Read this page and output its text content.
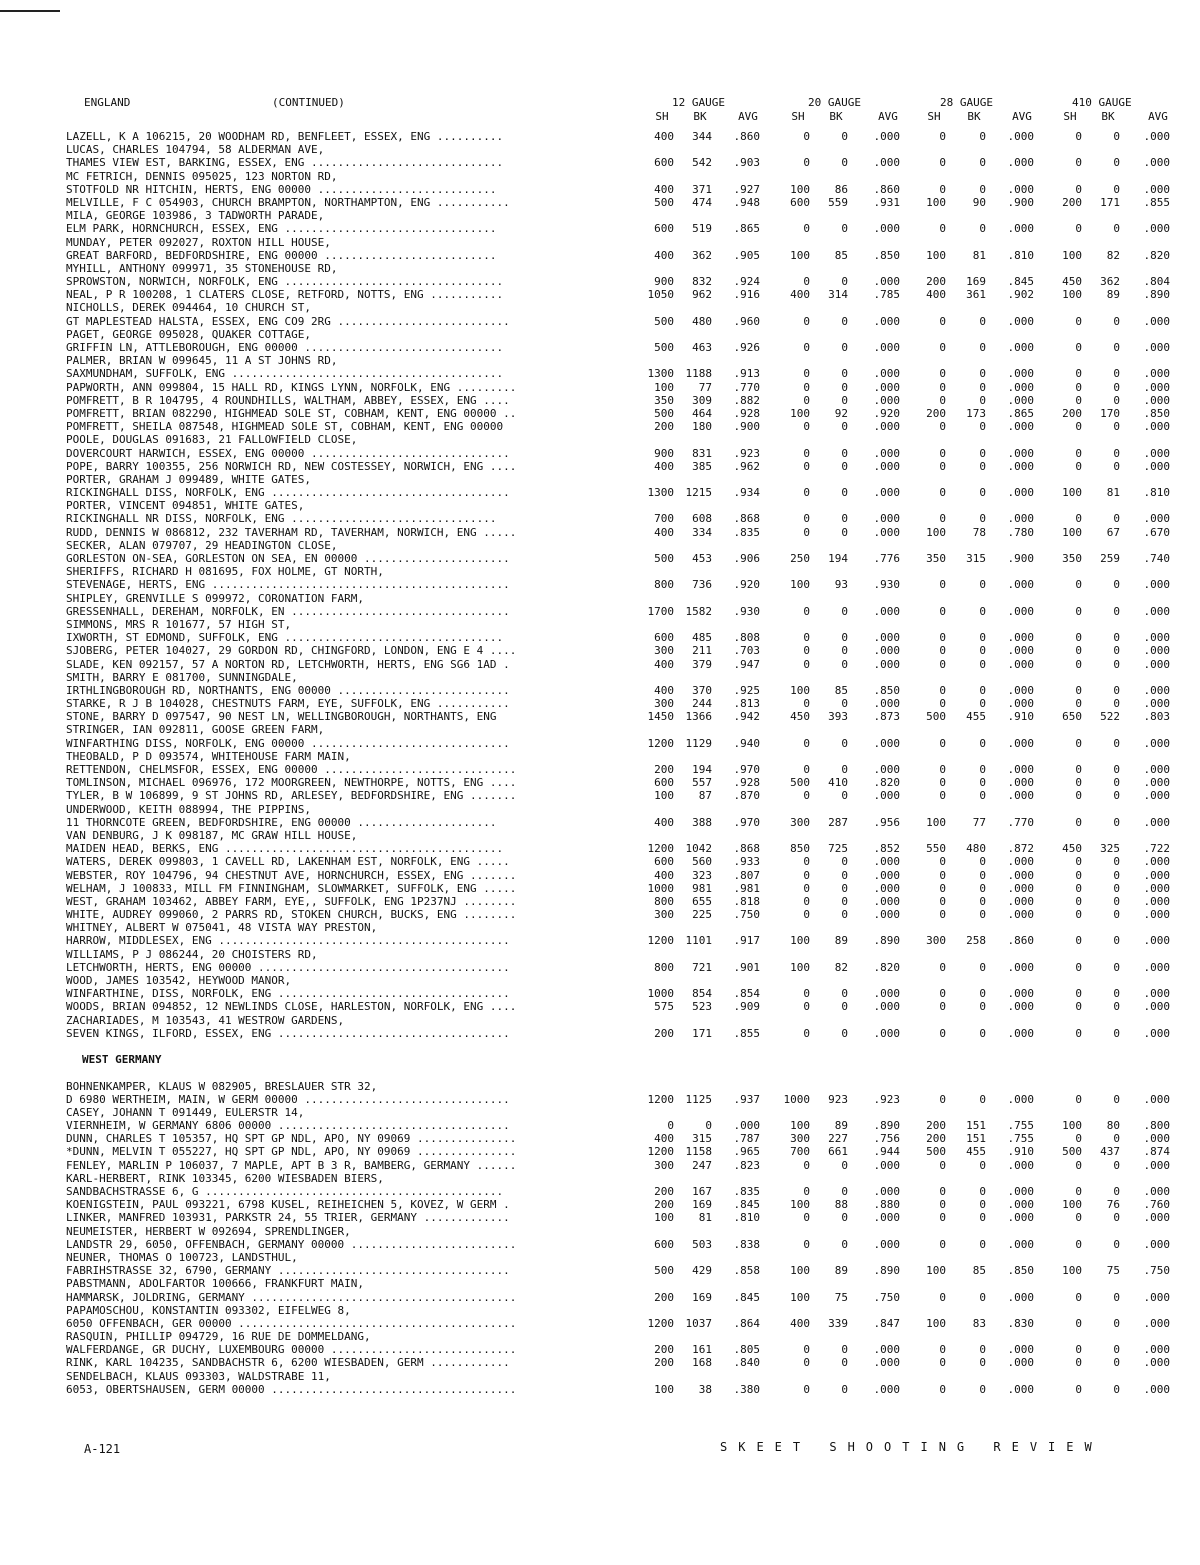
ENGLAND	(CONTINUED)	12 GAUGE	20 GAUGE	28 GAUGE	410 GAUGE
SH	BK	AVG	SH	BK	AVG	SH	BK	AVG	SH	BK	AVG
LAZELL, K A 106215, 20 WOODHAM RD, BENFLEET, ESSEX, ENG ..........	400	344	.860	0	0	.000	0	0	.000	0	0	.000
LUCAS, CHARLES 104794, 58 ALDERMAN AVE,
THAMES VIEW EST, BARKING, ESSEX, ENG .............................	600	542	.903	0	0	.000	0	0	.000	0	0	.000
MC FETRICH, DENNIS 095025, 123 NORTON RD,
STOTFOLD NR HITCHIN, HERTS, ENG 00000 ...........................	400	371	.927	100	86	.860	0	0	.000	0	0	.000
MELVILLE, F C 054903, CHURCH BRAMPTON, NORTHAMPTON, ENG ...........	500	474	.948	600	559	.931	100	90	.900	200	171	.855
MILA, GEORGE 103986, 3 TADWORTH PARADE,
ELM PARK, HORNCHURCH, ESSEX, ENG ................................	600	519	.865	0	0	.000	0	0	.000	0	0	.000
MUNDAY, PETER 092027, ROXTON HILL HOUSE,
GREAT BARFORD, BEDFORDSHIRE, ENG 00000 ..........................	400	362	.905	100	85	.850	100	81	.810	100	82	.820
MYHILL, ANTHONY 099971, 35 STONEHOUSE RD,
SPROWSTON, NORWICH, NORFOLK, ENG .................................	900	832	.924	0	0	.000	200	169	.845	450	362	.804
NEAL, P R 100208, 1 CLATERS CLOSE, RETFORD, NOTTS, ENG ...........	1050	962	.916	400	314	.785	400	361	.902	100	89	.890
NICHOLLS, DEREK 094464, 10 CHURCH ST,
GT MAPLESTEAD HALSTA, ESSEX, ENG CO9 2RG ..........................	500	480	.960	0	0	.000	0	0	.000	0	0	.000
PAGET, GEORGE 095028, QUAKER COTTAGE,
GRIFFIN LN, ATTLEBOROUGH, ENG 00000 ..............................	500	463	.926	0	0	.000	0	0	.000	0	0	.000
PALMER, BRIAN W 099645, 11 A ST JOHNS RD,
SAXMUNDHAM, SUFFOLK, ENG .........................................	1300	1188	.913	0	0	.000	0	0	.000	0	0	.000
PAPWORTH, ANN 099804, 15 HALL RD, KINGS LYNN, NORFOLK, ENG .........	100	77	.770	0	0	.000	0	0	.000	0	0	.000
POMFRETT, B R 104795, 4 ROUNDHILLS, WALTHAM, ABBEY, ESSEX, ENG ....	350	309	.882	0	0	.000	0	0	.000	0	0	.000
POMFRETT, BRIAN 082290, HIGHMEAD SOLE ST, COBHAM, KENT, ENG 00000 ..	500	464	.928	100	92	.920	200	173	.865	200	170	.850
POMFRETT, SHEILA 087548, HIGHMEAD SOLE ST, COBHAM, KENT, ENG 00000	200	180	.900	0	0	.000	0	0	.000	0	0	.000
POOLE, DOUGLAS 091683, 21 FALLOWFIELD CLOSE,
DOVERCOURT HARWICH, ESSEX, ENG 00000 ..............................	900	831	.923	0	0	.000	0	0	.000	0	0	.000
POPE, BARRY 100355, 256 NORWICH RD, NEW COSTESSEY, NORWICH, ENG ....	400	385	.962	0	0	.000	0	0	.000	0	0	.000
PORTER, GRAHAM J 099489, WHITE GATES,
RICKINGHALL DISS, NORFOLK, ENG ....................................	1300	1215	.934	0	0	.000	0	0	.000	100	81	.810
PORTER, VINCENT 094851, WHITE GATES,
RICKINGHALL NR DISS, NORFOLK, ENG ...............................	700	608	.868	0	0	.000	0	0	.000	0	0	.000
RUDD, DENNIS W 086812, 232 TAVERHAM RD, TAVERHAM, NORWICH, ENG .....	400	334	.835	0	0	.000	100	78	.780	100	67	.670
SECKER, ALAN 079707, 29 HEADINGTON CLOSE,
GORLESTON ON-SEA, GORLESTON ON SEA, EN 00000 ......................	500	453	.906	250	194	.776	350	315	.900	350	259	.740
SHERIFFS, RICHARD H 081695, FOX HOLME, GT NORTH,
STEVENAGE, HERTS, ENG .............................................	800	736	.920	100	93	.930	0	0	.000	0	0	.000
SHIPLEY, GRENVILLE S 099972, CORONATION FARM,
GRESSENHALL, DEREHAM, NORFOLK, EN .................................	1700	1582	.930	0	0	.000	0	0	.000	0	0	.000
SIMMONS, MRS R 101677, 57 HIGH ST,
IXWORTH, ST EDMOND, SUFFOLK, ENG .................................	600	485	.808	0	0	.000	0	0	.000	0	0	.000
SJOBERG, PETER 104027, 29 GORDON RD, CHINGFORD, LONDON, ENG E 4 ....	300	211	.703	0	0	.000	0	0	.000	0	0	.000
SLADE, KEN 092157, 57 A NORTON RD, LETCHWORTH, HERTS, ENG SG6 1AD .	400	379	.947	0	0	.000	0	0	.000	0	0	.000
SMITH, BARRY E 081700, SUNNINGDALE,
IRTHLINGBOROUGH RD, NORTHANTS, ENG 00000 ..........................	400	370	.925	100	85	.850	0	0	.000	0	0	.000
STARKE, R J B 104028, CHESTNUTS FARM, EYE, SUFFOLK, ENG ...........	300	244	.813	0	0	.000	0	0	.000	0	0	.000
STONE, BARRY D 097547, 90 NEST LN, WELLINGBOROUGH, NORTHANTS, ENG	1450	1366	.942	450	393	.873	500	455	.910	650	522	.803
STRINGER, IAN 092811, GOOSE GREEN FARM,
WINFARTHING DISS, NORFOLK, ENG 00000 ..............................	1200	1129	.940	0	0	.000	0	0	.000	0	0	.000
THEOBALD, P D 093574, WHITEHOUSE FARM MAIN,
RETTENDON, CHELMSFOR, ESSEX, ENG 00000 .............................	200	194	.970	0	0	.000	0	0	.000	0	0	.000
TOMLINSON, MICHAEL 096976, 172 MOORGREEN, NEWTHORPE, NOTTS, ENG ....	600	557	.928	500	410	.820	0	0	.000	0	0	.000
TYLER, B W 106899, 9 ST JOHNS RD, ARLESEY, BEDFORDSHIRE, ENG .......	100	87	.870	0	0	.000	0	0	.000	0	0	.000
UNDERWOOD, KEITH 088994, THE PIPPINS,
11 THORNCOTE GREEN, BEDFORDSHIRE, ENG 00000 .....................	400	388	.970	300	287	.956	100	77	.770	0	0	.000
VAN DENBURG, J K 098187, MC GRAW HILL HOUSE,
MAIDEN HEAD, BERKS, ENG ..........................................	1200	1042	.868	850	725	.852	550	480	.872	450	325	.722
WATERS, DEREK 099803, 1 CAVELL RD, LAKENHAM EST, NORFOLK, ENG .....	600	560	.933	0	0	.000	0	0	.000	0	0	.000
WEBSTER, ROY 104796, 94 CHESTNUT AVE, HORNCHURCH, ESSEX, ENG .......	400	323	.807	0	0	.000	0	0	.000	0	0	.000
WELHAM, J 100833, MILL FM FINNINGHAM, SLOWMARKET, SUFFOLK, ENG .....	1000	981	.981	0	0	.000	0	0	.000	0	0	.000
WEST, GRAHAM 103462, ABBEY FARM, EYE,, SUFFOLK, ENG 1P237NJ ........	800	655	.818	0	0	.000	0	0	.000	0	0	.000
WHITE, AUDREY 099060, 2 PARRS RD, STOKEN CHURCH, BUCKS, ENG ........	300	225	.750	0	0	.000	0	0	.000	0	0	.000
WHITNEY, ALBERT W 075041, 48 VISTA WAY PRESTON,
HARROW, MIDDLESEX, ENG ............................................	1200	1101	.917	100	89	.890	300	258	.860	0	0	.000
WILLIAMS, P J 086244, 20 CHOISTERS RD,
LETCHWORTH, HERTS, ENG 00000 ......................................	800	721	.901	100	82	.820	0	0	.000	0	0	.000
WOOD, JAMES 103542, HEYWOOD MANOR,
WINFARTHINE, DISS, NORFOLK, ENG ...................................	1000	854	.854	0	0	.000	0	0	.000	0	0	.000
WOODS, BRIAN 094852, 12 NEWLINDS CLOSE, HARLESTON, NORFOLK, ENG ....	575	523	.909	0	0	.000	0	0	.000	0	0	.000
ZACHARIADES, M 103543, 41 WESTROW GARDENS,
SEVEN KINGS, ILFORD, ESSEX, ENG ...................................	200	171	.855	0	0	.000	0	0	.000	0	0	.000
WEST GERMANY
BOHNENKAMPER, KLAUS W 082905, BRESLAUER STR 32,
D 6980 WERTHEIM, MAIN, W GERM 00000 ...............................	1200	1125	.937	1000	923	.923	0	0	.000	0	0	.000
CASEY, JOHANN T 091449, EULERSTR 14,
VIERNHEIM, W GERMANY 6806 00000 ...................................	0	0	.000	100	89	.890	200	151	.755	100	80	.800
DUNN, CHARLES T 105357, HQ SPT GP NDL, APO, NY 09069 ...............	400	315	.787	300	227	.756	200	151	.755	0	0	.000
*DUNN, MELVIN T 055227, HQ SPT GP NDL, APO, NY 09069 ...............	1200	1158	.965	700	661	.944	500	455	.910	500	437	.874
FENLEY, MARLIN P 106037, 7 MAPLE, APT B 3 R, BAMBERG, GERMANY ......	300	247	.823	0	0	.000	0	0	.000	0	0	.000
KARL-HERBERT, RINK 103345, 6200 WIESBADEN BIERS,
SANDBACHSTRASSE 6, G .............................................	200	167	.835	0	0	.000	0	0	.000	0	0	.000
KOENIGSTEIN, PAUL 093221, 6798 KUSEL, REIHEICHEN 5, KOVEZ, W GERM .	200	169	.845	100	88	.880	0	0	.000	100	76	.760
LINKER, MANFRED 103931, PARKSTR 24, 55 TRIER, GERMANY .............	100	81	.810	0	0	.000	0	0	.000	0	0	.000
NEUMEISTER, HERBERT W 092694, SPRENDLINGER,
LANDSTR 29, 6050, OFFENBACH, GERMANY 00000 .........................	600	503	.838	0	0	.000	0	0	.000	0	0	.000
NEUNER, THOMAS O 100723, LANDSTHUL,
FABRIHSTRASSE 32, 6790, GERMANY ...................................	500	429	.858	100	89	.890	100	85	.850	100	75	.750
PABSTMANN, ADOLFARTOR 100666, FRANKFURT MAIN,
HAMMARSK, JOLDRING, GERMANY ........................................	200	169	.845	100	75	.750	0	0	.000	0	0	.000
PAPAMOSCHOU, KONSTANTIN 093302, EIFELWEG 8,
6050 OFFENBACH, GER 00000 ..........................................	1200	1037	.864	400	339	.847	100	83	.830	0	0	.000
RASQUIN, PHILLIP 094729, 16 RUE DE DOMMELDANG,
WALFERDANGE, GR DUCHY, LUXEMBOURG 00000 ............................	200	161	.805	0	0	.000	0	0	.000	0	0	.000
RINK, KARL 104235, SANDBACHSTR 6, 6200 WIESBADEN, GERM ............	200	168	.840	0	0	.000	0	0	.000	0	0	.000
SENDELBACH, KLAUS 093303, WALDSTRABE 11,
6053, OBERTSHAUSEN, GERM 00000 .....................................	100	38	.380	0	0	.000	0	0	.000	0	0	.000
A-121	SKEET SHOOTING REVIEW
